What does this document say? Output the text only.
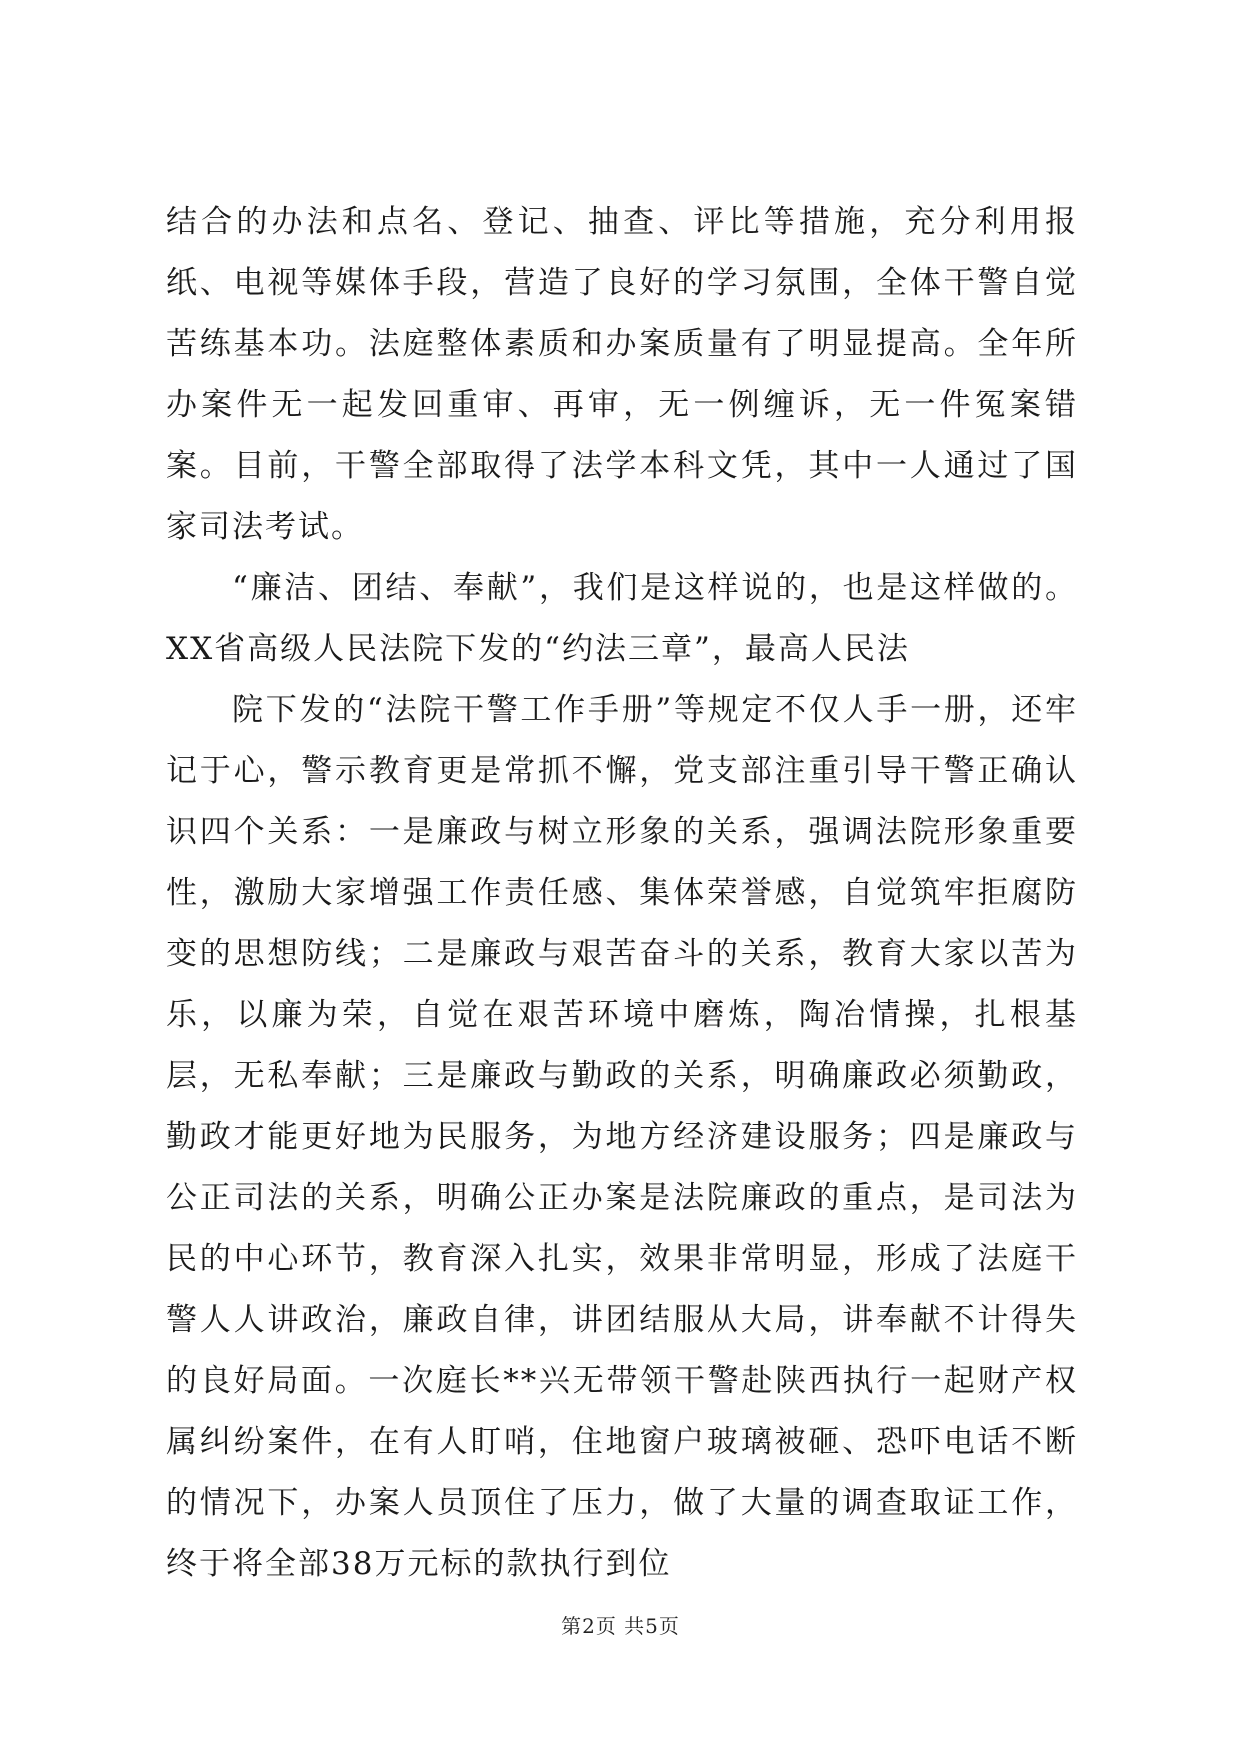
结合的办法和点名、登记、抽查、评比等措施，充分利用报纸、电视等媒体手段，营造了良好的学习氛围，全体干警自觉苦练基本功。法庭整体素质和办案质量有了明显提高。全年所办案件无一起发回重审、再审，无一例缠诉，无一件冤案错案。目前，干警全部取得了法学本科文凭，其中一人通过了国家司法考试。

“廉洁、团结、奉献”，我们是这样说的，也是这样做的。XX省高级人民法院下发的“约法三章”，最高人民法

院下发的“法院干警工作手册”等规定不仅人手一册，还牢记于心，警示教育更是常抓不懈，党支部注重引导干警正确认识四个关系：一是廉政与树立形象的关系，强调法院形象重要性，激励大家增强工作责任感、集体荣誉感，自觉筑牢拒腐防变的思想防线；二是廉政与艰苦奋斗的关系，教育大家以苦为乐，以廉为荣，自觉在艰苦环境中磨炼，陶冶情操，扎根基层，无私奉献；三是廉政与勤政的关系，明确廉政必须勤政，勤政才能更好地为民服务，为地方经济建设服务；四是廉政与公正司法的关系，明确公正办案是法院廉政的重点，是司法为民的中心环节，教育深入扎实，效果非常明显，形成了法庭干警人人讲政治，廉政自律，讲团结服从大局，讲奉献不计得失的良好局面。一次庭长**兴无带领干警赴陕西执行一起财产权属纠纷案件，在有人盯哨，住地窗户玻璃被砸、恐吓电话不断的情况下，办案人员顶住了压力，做了大量的调查取证工作，终于将全部38万元标的款执行到位

第2页 共5页
